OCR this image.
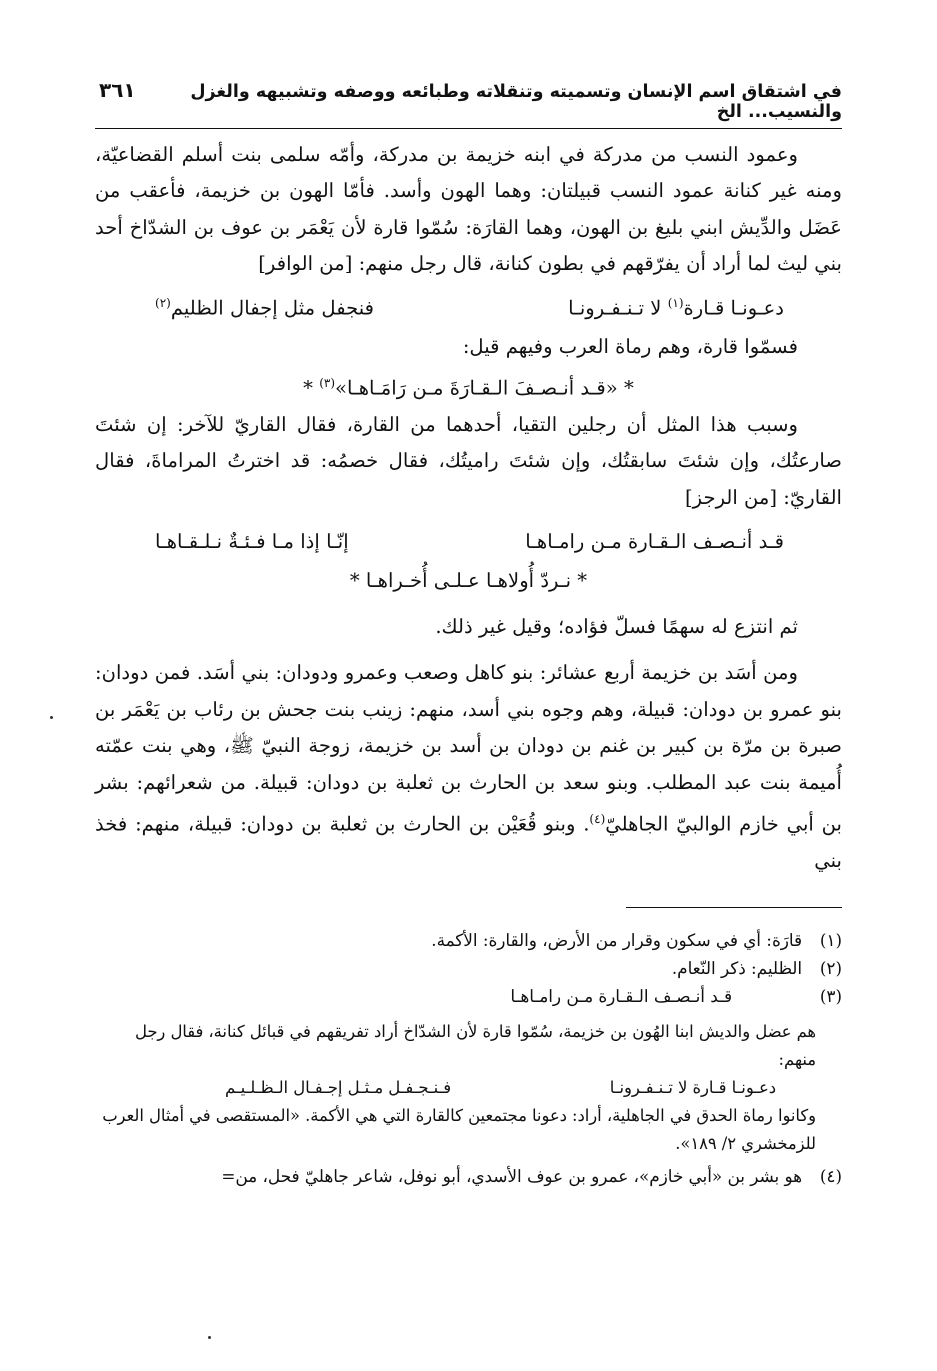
في اشتقاق اسم الإنسان وتسميته وتنقلاته وطبائعه ووصفه وتشبيهه والغزل والنسيب... الخ
٣٦١

وعمود النسب من مدركة في ابنه خزيمة بن مدركة، وأمّه سلمى بنت أسلم القضاعيّة، ومنه غير كنانة عمود النسب قبيلتان: وهما الهون وأسد. فأمّا الهون بن خزيمة، فأعقب من عَضَل والدِّيش ابني بليغ بن الهون، وهما القارَة: سُمّوا قارة لأن يَعْمَر بن عوف بن الشدّاخ أحد بني ليث لما أراد أن يفرّقهم في بطون كنانة، قال رجل منهم: [من الوافر]

دعـونـا قـارة$^{(١)}$ لا تـنـفـرونـا
فنجفل مثل إجفال الظليم$^{(٢)}$

فسمّوا قارة، وهم رماة العرب وفيهم قيل:

* «قـد أنـصـفَ الـقـارَةَ مـن رَامَـاهـا»$^{(٣)}$ *

وسبب هذا المثل أن رجلين التقيا، أحدهما من القارة، فقال القاريّ للآخر: إن شئتَ صارعتُك، وإن شئتَ سابقتُك، وإن شئتَ راميتُك، فقال خصمُه: قد اخترتُ المراماةَ، فقال القاريّ: [من الرجز]

قـد أنـصـف الـقـارة مـن رامـاهـا
إنّـا إذا مـا فـئـةٌ نـلـقـاهـا
* نـردّ أُولاهـا عـلـى أُخـراهـا *

ثم انتزع له سهمًا فسلّ فؤاده؛ وقيل غير ذلك.

ومن أسَد بن خزيمة أربع عشائر: بنو كاهل وصعب وعمرو ودودان: بني أسَد. فمن دودان: بنو عمرو بن دودان: قبيلة، وهم وجوه بني أسد، منهم: زينب بنت جحش بن رئاب بن يَعْمَر بن صبرة بن مرّة بن كبير بن غنم بن دودان بن أسد بن خزيمة، زوجة النبيّ ﷺ، وهي بنت عمّته أُميمة بنت عبد المطلب. وبنو سعد بن الحارث بن ثعلبة بن دودان: قبيلة. من شعرائهم: بشر بن أبي خازم الوالبيّ الجاهليّ$^{(٤)}$. وبنو قُعَيْن بن الحارث بن ثعلبة بن دودان: قبيلة، منهم: فخذ بني

(١)
قارَة: أي في سكون وقرار من الأرض، والقارة: الأكمة.
(٢)
الظليم: ذكر النّعام.
(٣)
قـد أنـصـف الـقـارة مـن رامـاهـا

هم عضل والديش ابنا الهُون بن خزيمة، سُمّوا قارة لأن الشدّاخ أراد تفريقهم في قبائل كنانة، فقال رجل منهم:

دعـونـا قـارة لا تـنـفـرونـا
فـنـجـفـل مـثـل إجـفـال الـظـلـيـم

وكانوا رماة الحدق في الجاهلية، أراد: دعونا مجتمعين كالقارة التي هي الأكمة. «المستقصى في أمثال العرب للزمخشري ٢/ ١٨٩».

(٤)
هو بشر بن «أبي خازم»، عمرو بن عوف الأسدي، أبو نوفل، شاعر جاهليّ فحل، من=
